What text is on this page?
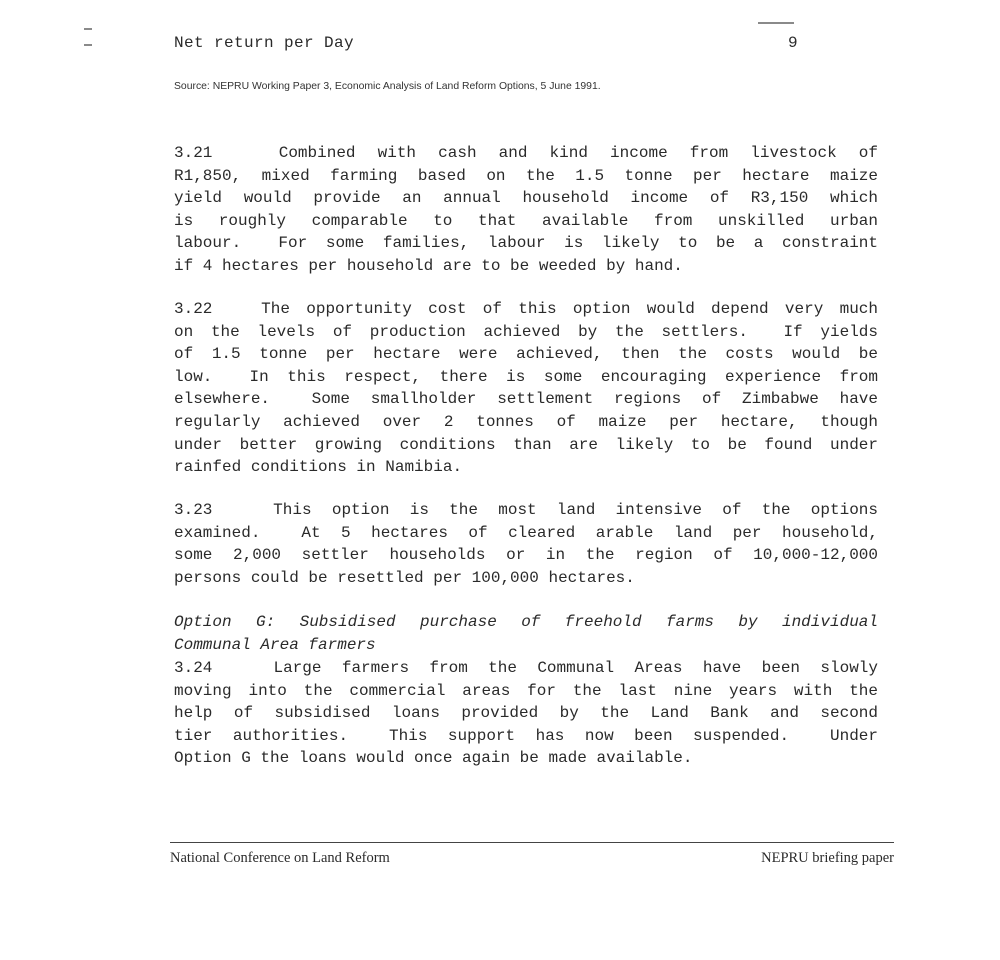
Net return per Day	9
Source: NEPRU Working Paper 3, Economic Analysis of Land Reform Options, 5 June 1991.
3.21   Combined with cash and kind income from livestock of
R1,850, mixed farming based on the 1.5 tonne per hectare maize
yield would provide an annual household income of R3,150 which
is roughly comparable to that available from unskilled urban
labour.  For some families, labour is likely to be a constraint
if 4 hectares per household are to be weeded by hand.
3.22   The opportunity cost of this option would depend very much
on the levels of production achieved by the settlers.  If yields
of 1.5 tonne per hectare were achieved, then the costs would be
low.  In this respect, there is some encouraging experience from
elsewhere.  Some smallholder settlement regions of Zimbabwe have
regularly achieved over 2 tonnes of maize per hectare, though
under better growing conditions than are likely to be found under
rainfed conditions in Namibia.
3.23   This option is the most land intensive of the options
examined.  At 5 hectares of cleared arable land per household,
some 2,000 settler households or in the region of 10,000-12,000
persons could be resettled per 100,000 hectares.
Option G: Subsidised purchase of freehold farms by individual
Communal Area farmers
3.24   Large farmers from the Communal Areas have been slowly
moving into the commercial areas for the last nine years with the
help of subsidised loans provided by the Land Bank and second
tier authorities.  This support has now been suspended.  Under
Option G the loans would once again be made available.
National Conference on Land Reform	NEPRU briefing paper
